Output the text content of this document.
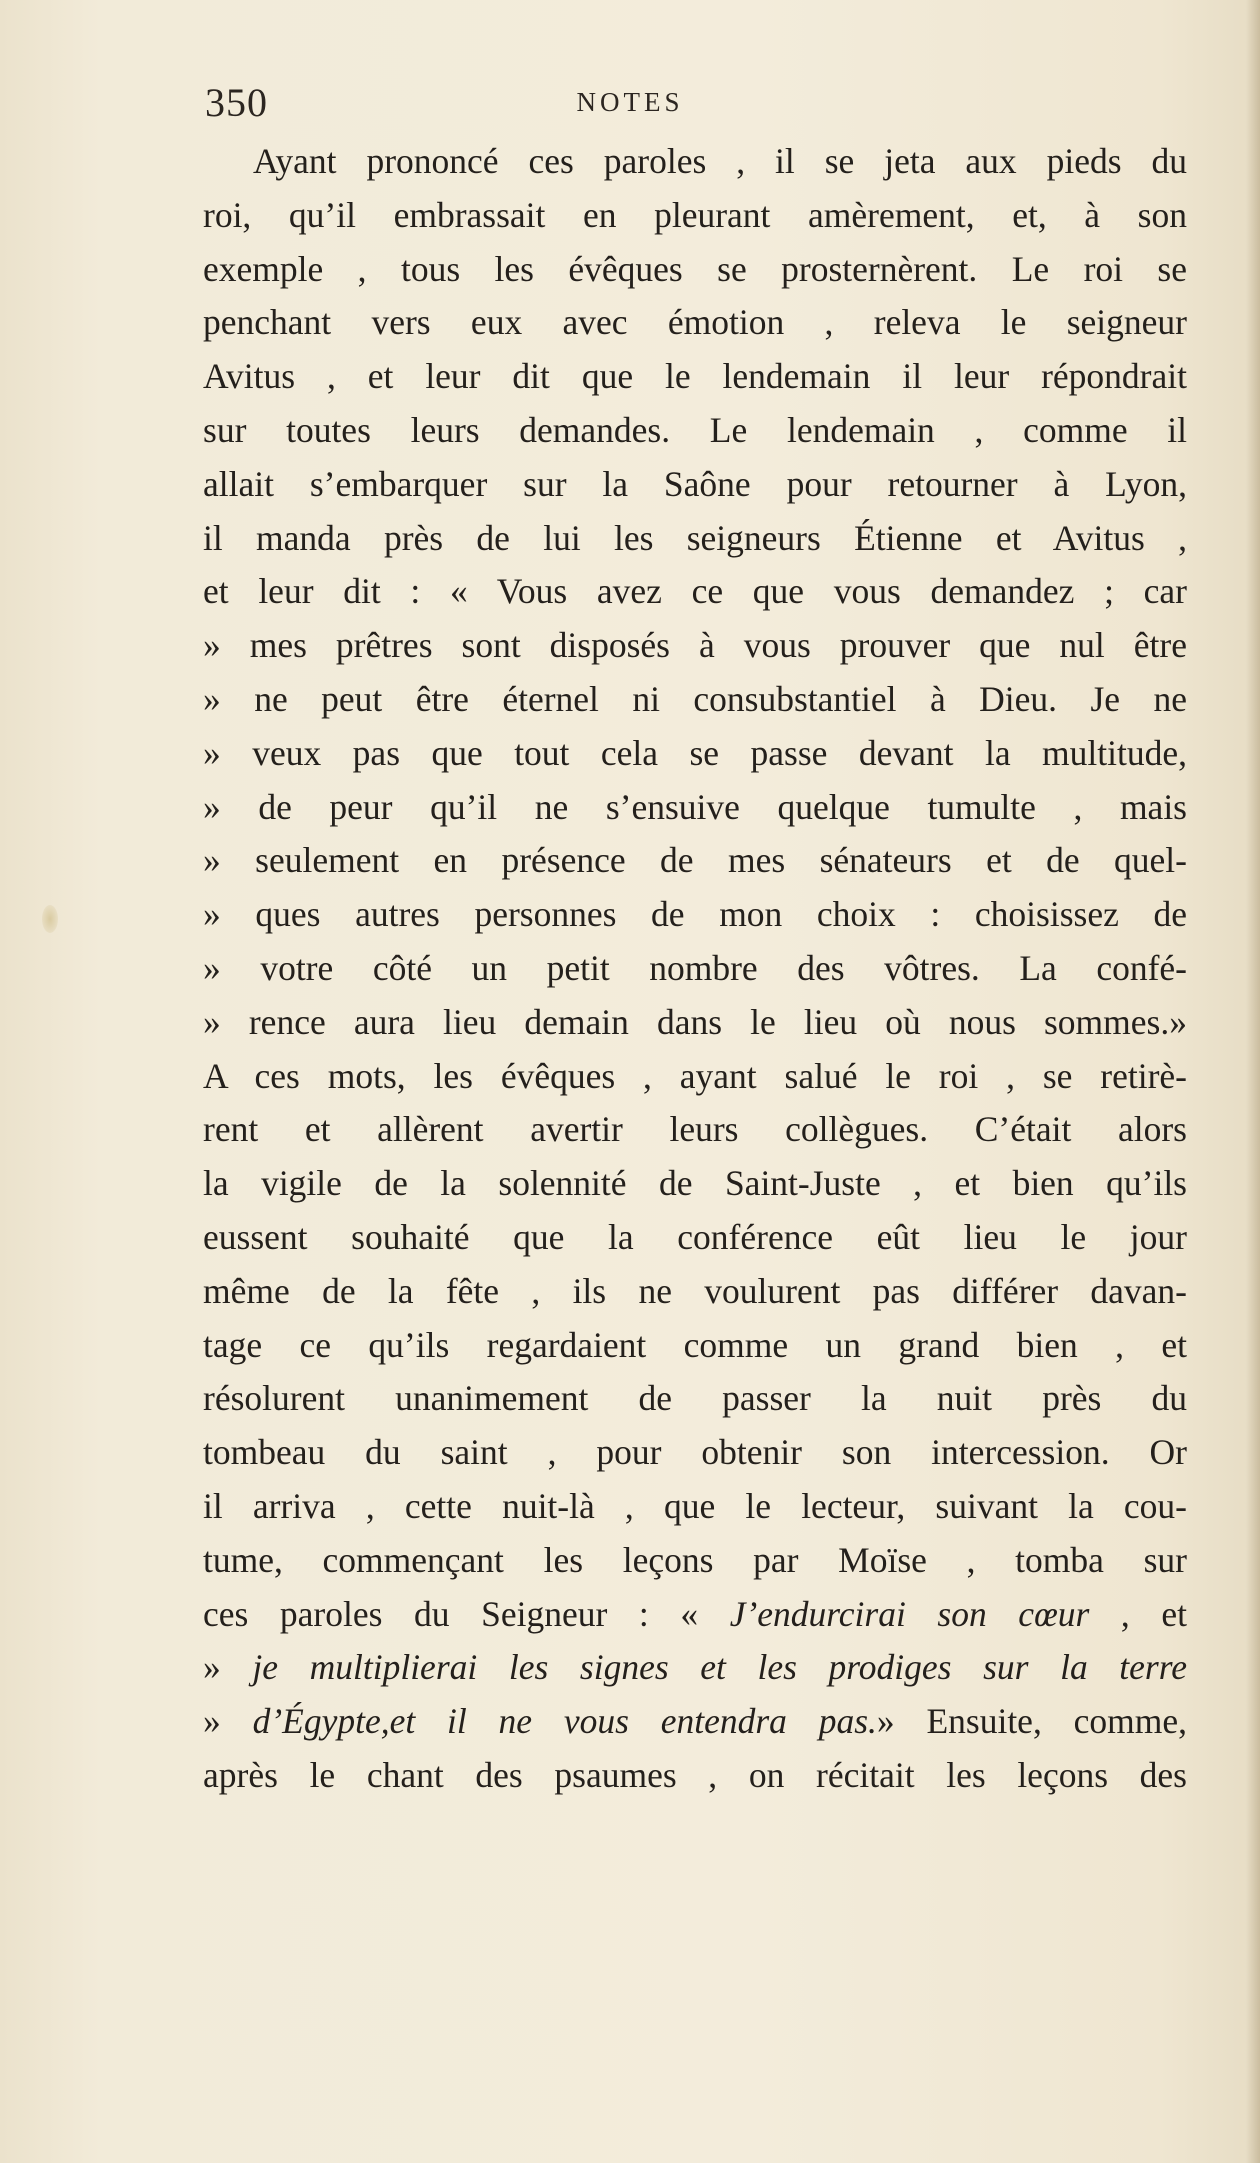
350	NOTES
Ayant prononcé ces paroles , il se jeta aux pieds du
roi, qu’il embrassait en pleurant amèrement, et, à son
exemple , tous les évêques se prosternèrent. Le roi se
penchant vers eux avec émotion , releva le seigneur
Avitus , et leur dit que le lendemain il leur répondrait
sur toutes leurs demandes. Le lendemain , comme il
allait s’embarquer sur la Saône pour retourner à Lyon,
il manda près de lui les seigneurs Étienne et Avitus ,
et leur dit : « Vous avez ce que vous demandez ; car
» mes prêtres sont disposés à vous prouver que nul être
» ne peut être éternel ni consubstantiel à Dieu. Je ne
» veux pas que tout cela se passe devant la multitude,
» de peur qu’il ne s’ensuive quelque tumulte , mais
» seulement en présence de mes sénateurs et de quel-
» ques autres personnes de mon choix : choisissez de
» votre côté un petit nombre des vôtres. La confé-
» rence aura lieu demain dans le lieu où nous sommes.»
A ces mots, les évêques , ayant salué le roi , se retirè-
rent et allèrent avertir leurs collègues. C’était alors
la vigile de la solennité de Saint-Juste , et bien qu’ils
eussent souhaité que la conférence eût lieu le jour
même de la fête , ils ne voulurent pas différer davan-
tage ce qu’ils regardaient comme un grand bien , et
résolurent unanimement de passer la nuit près du
tombeau du saint , pour obtenir son intercession. Or
il arriva , cette nuit-là , que le lecteur, suivant la cou-
tume, commençant les leçons par Moïse , tomba sur
ces paroles du Seigneur : « J’endurcirai son cœur , et
» je multiplierai les signes et les prodiges sur la terre
» d’Égypte,et il ne vous entendra pas.» Ensuite, comme,
après le chant des psaumes , on récitait les leçons des
